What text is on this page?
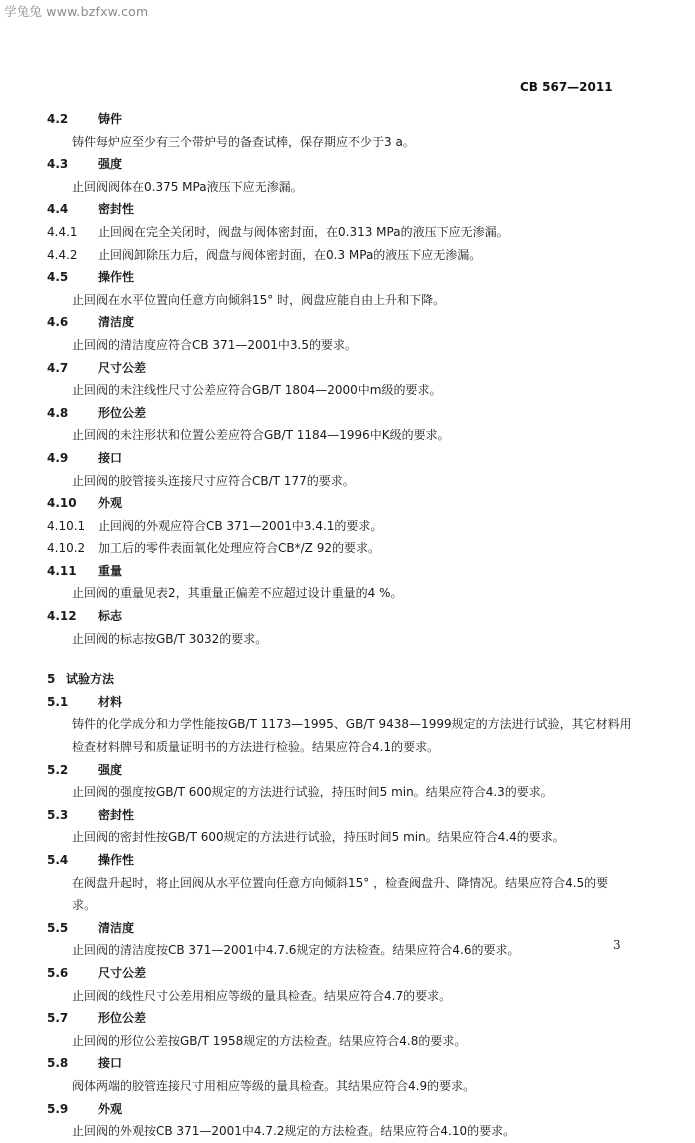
学兔兔 www.bzfxw.com
CB 567—2011
4.2 铸件
铸件每炉应至少有三个带炉号的备查试棒，保存期应不少于3 a。
4.3 强度
止回阀阀体在0.375 MPa液压下应无渗漏。
4.4 密封性
4.4.1 止回阀在完全关闭时，阀盘与阀体密封面，在0.313 MPa的液压下应无渗漏。
4.4.2 止回阀卸除压力后，阀盘与阀体密封面，在0.3 MPa的液压下应无渗漏。
4.5 操作性
止回阀在水平位置向任意方向倾斜15° 时，阀盘应能自由上升和下降。
4.6 清洁度
止回阀的清洁度应符合CB 371—2001中3.5的要求。
4.7 尺寸公差
止回阀的未注线性尺寸公差应符合GB/T 1804—2000中m级的要求。
4.8 形位公差
止回阀的未注形状和位置公差应符合GB/T 1184—1996中K级的要求。
4.9 接口
止回阀的胶管接头连接尺寸应符合CB/T 177的要求。
4.10 外观
4.10.1 止回阀的外观应符合CB 371—2001中3.4.1的要求。
4.10.2 加工后的零件表面氧化处理应符合CB*/Z 92的要求。
4.11 重量
止回阀的重量见表2，其重量正偏差不应超过设计重量的4 %。
4.12 标志
止回阀的标志按GB/T 3032的要求。
5 试验方法
5.1 材料
铸件的化学成分和力学性能按GB/T 1173—1995、GB/T 9438—1999规定的方法进行试验，其它材料用检查材料牌号和质量证明书的方法进行检验。结果应符合4.1的要求。
5.2 强度
止回阀的强度按GB/T 600规定的方法进行试验，持压时间5 min。结果应符合4.3的要求。
5.3 密封性
止回阀的密封性按GB/T 600规定的方法进行试验，持压时间5 min。结果应符合4.4的要求。
5.4 操作性
在阀盘升起时，将止回阀从水平位置向任意方向倾斜15° ，检查阀盘升、降情况。结果应符合4.5的要求。
5.5 清洁度
止回阀的清洁度按CB 371—2001中4.7.6规定的方法检查。结果应符合4.6的要求。
5.6 尺寸公差
止回阀的线性尺寸公差用相应等级的量具检查。结果应符合4.7的要求。
5.7 形位公差
止回阀的形位公差按GB/T 1958规定的方法检查。结果应符合4.8的要求。
5.8 接口
阀体两端的胶管连接尺寸用相应等级的量具检查。其结果应符合4.9的要求。
5.9 外观
止回阀的外观按CB 371—2001中4.7.2规定的方法检查。结果应符合4.10的要求。
3
